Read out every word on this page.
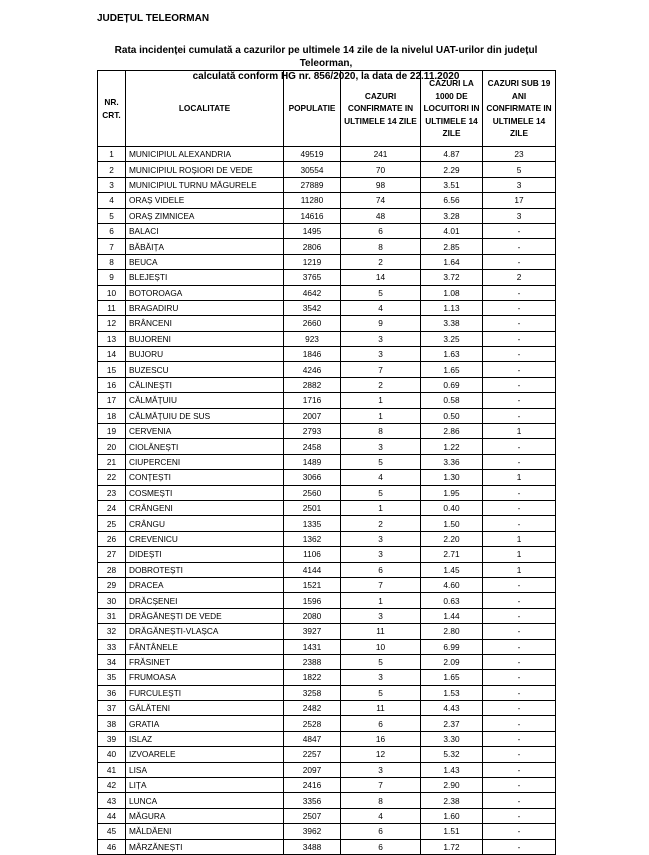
JUDEȚUL TELEORMAN

Rata incidenței cumulată a cazurilor pe ultimele 14 zile de la nivelul UAT-urilor din județul Teleorman,
calculată conform HG nr. 856/2020, la data de 22.11.2020
NR. CRT.	LOCALITATE	POPULATIE	CAZURI CONFIRMATE IN ULTIMELE 14 ZILE	CAZURI LA 1000 DE LOCUITORI IN ULTIMELE 14 ZILE	CAZURI SUB 19 ANI CONFIRMATE IN ULTIMELE 14 ZILE
1	MUNICIPIUL ALEXANDRIA	49519	241	4.87	23
2	MUNICIPIUL ROȘIORI DE VEDE	30554	70	2.29	5
3	MUNICIPIUL TURNU MĂGURELE	27889	98	3.51	3
4	ORAȘ VIDELE	11280	74	6.56	17
5	ORAȘ ZIMNICEA	14616	48	3.28	3
6	BALACI	1495	6	4.01	-
7	BĂBĂIȚA	2806	8	2.85	-
8	BEUCA	1219	2	1.64	-
9	BLEJEȘTI	3765	14	3.72	2
10	BOTOROAGA	4642	5	1.08	-
11	BRAGADIRU	3542	4	1.13	-
12	BRÂNCENI	2660	9	3.38	-
13	BUJORENI	923	3	3.25	-
14	BUJORU	1846	3	1.63	-
15	BUZESCU	4246	7	1.65	-
16	CĂLINEȘTI	2882	2	0.69	-
17	CĂLMĂȚUIU	1716	1	0.58	-
18	CĂLMĂȚUIU DE SUS	2007	1	0.50	-
19	CERVENIA	2793	8	2.86	1
20	CIOLĂNEȘTI	2458	3	1.22	-
21	CIUPERCENI	1489	5	3.36	-
22	CONȚEȘTI	3066	4	1.30	1
23	COSMEȘTI	2560	5	1.95	-
24	CRÂNGENI	2501	1	0.40	-
25	CRÂNGU	1335	2	1.50	-
26	CREVENICU	1362	3	2.20	1
27	DIDEȘTI	1106	3	2.71	1
28	DOBROTEȘTI	4144	6	1.45	1
29	DRACEA	1521	7	4.60	-
30	DRĂCȘENEI	1596	1	0.63	-
31	DRĂGĂNEȘTI DE VEDE	2080	3	1.44	-
32	DRĂGĂNEȘTI-VLAȘCA	3927	11	2.80	-
33	FÂNTÂNELE	1431	10	6.99	-
34	FRĂSINET	2388	5	2.09	-
35	FRUMOASA	1822	3	1.65	-
36	FURCULEȘTI	3258	5	1.53	-
37	GĂLĂTENI	2482	11	4.43	-
38	GRATIA	2528	6	2.37	-
39	ISLAZ	4847	16	3.30	-
40	IZVOARELE	2257	12	5.32	-
41	LISA	2097	3	1.43	-
42	LIȚA	2416	7	2.90	-
43	LUNCA	3356	8	2.38	-
44	MĂGURA	2507	4	1.60	-
45	MĂLDĂENI	3962	6	1.51	-
46	MÂRZĂNEȘTI	3488	6	1.72	-
